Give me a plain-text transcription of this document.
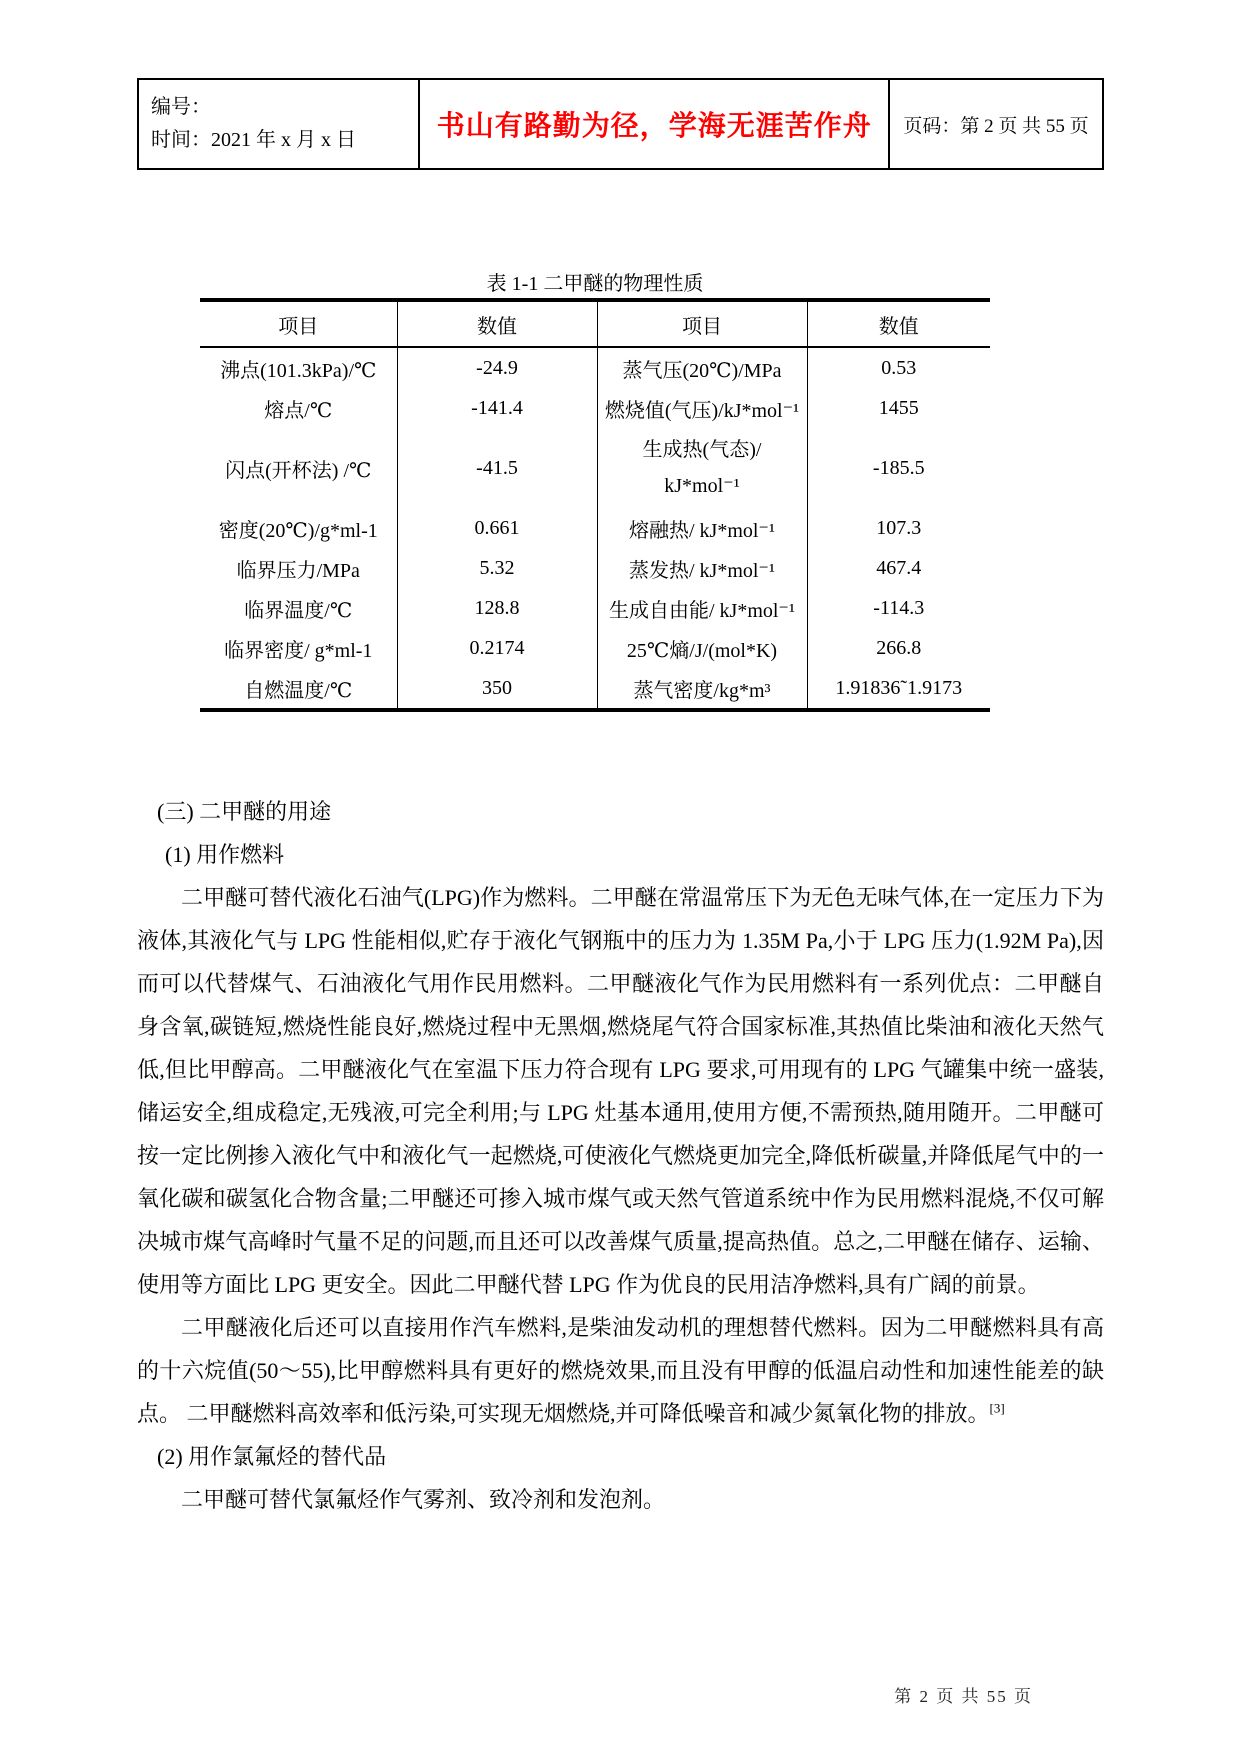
编号：
时间：2021 年 x 月 x 日	书山有路勤为径，学海无涯苦作舟 页码：第 2 页 共 55 页
表 1-1 二甲醚的物理性质
项目	数值	项目	数值
沸点(101.3kPa)/℃	-24.9	蒸气压(20℃)/MPa	0.53
熔点/℃	-141.4	燃烧值(气压)/kJ*mol⁻¹	1455
闪点(开杯法) /℃	-41.5	生成热(气态)/ kJ*mol⁻¹	-185.5
密度(20℃)/g*ml-1	0.661	熔融热/ kJ*mol⁻¹	107.3
临界压力/MPa	5.32	蒸发热/ kJ*mol⁻¹	467.4
临界温度/℃	128.8	生成自由能/ kJ*mol⁻¹	-114.3
临界密度/ g*ml-1	0.2174	25℃熵/J/(mol*K)	266.8
自燃温度/℃	350	蒸气密度/kg*m³	1.91836˜1.9173
(三) 二甲醚的用途
(1) 用作燃料

二甲醚可替代液化石油气(LPG)作为燃料。二甲醚在常温常压下为无色无味气体,在一定压力下为液体,其液化气与 LPG 性能相似,贮存于液化气钢瓶中的压力为 1.35M Pa,小于 LPG 压力(1.92M Pa),因而可以代替煤气、石油液化气用作民用燃料。二甲醚液化气作为民用燃料有一系列优点：二甲醚自身含氧,碳链短,燃烧性能良好,燃烧过程中无黑烟,燃烧尾气符合国家标准,其热值比柴油和液化天然气低,但比甲醇高。二甲醚液化气在室温下压力符合现有 LPG 要求,可用现有的 LPG 气罐集中统一盛装,储运安全,组成稳定,无残液,可完全利用;与 LPG 灶基本通用,使用方便,不需预热,随用随开。二甲醚可按一定比例掺入液化气中和液化气一起燃烧,可使液化气燃烧更加完全,降低析碳量,并降低尾气中的一氧化碳和碳氢化合物含量;二甲醚还可掺入城市煤气或天然气管道系统中作为民用燃料混烧,不仅可解决城市煤气高峰时气量不足的问题,而且还可以改善煤气质量,提高热值。总之,二甲醚在储存、运输、使用等方面比 LPG 更安全。因此二甲醚代替 LPG 作为优良的民用洁净燃料,具有广阔的前景。

二甲醚液化后还可以直接用作汽车燃料,是柴油发动机的理想替代燃料。因为二甲醚燃料具有高的十六烷值(50～55),比甲醇燃料具有更好的燃烧效果,而且没有甲醇的低温启动性和加速性能差的缺点。 二甲醚燃料高效率和低污染,可实现无烟燃烧,并可降低噪音和减少氮氧化物的排放。[3]

(2) 用作氯氟烃的替代品

二甲醚可替代氯氟烃作气雾剂、致冷剂和发泡剂。

第 2 页 共 55 页
